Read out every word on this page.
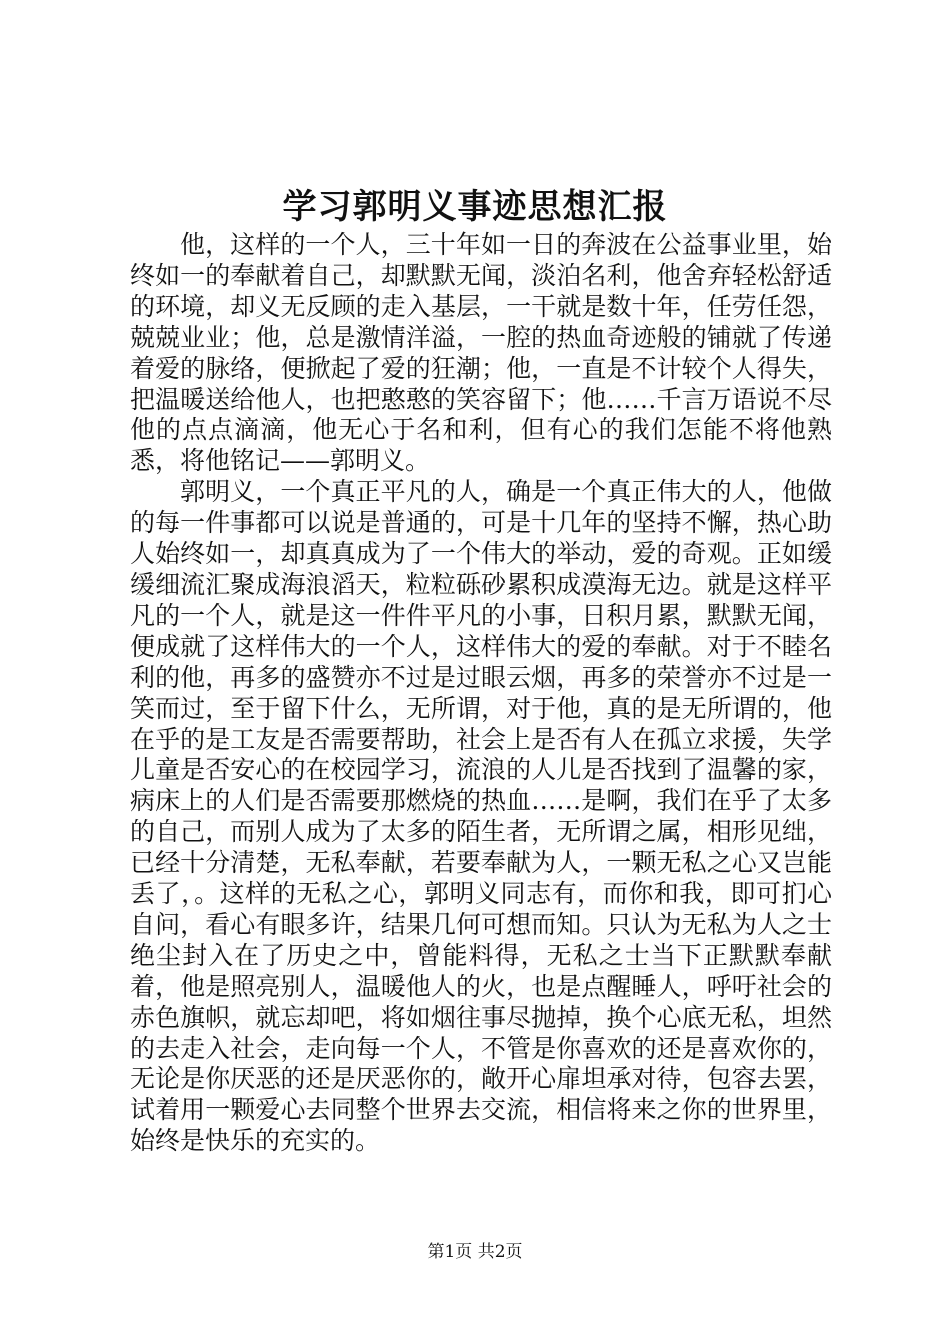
学习郭明义事迹思想汇报

他，这样的一个人，三十年如一日的奔波在公益事业里，始终如一的奉献着自己，却默默无闻，淡泊名利，他舍弃轻松舒适的环境，却义无反顾的走入基层，一干就是数十年，任劳任怨，兢兢业业；他，总是激情洋溢，一腔的热血奇迹般的铺就了传递着爱的脉络，便掀起了爱的狂潮；他，一直是不计较个人得失，把温暖送给他人，也把憨憨的笑容留下；他……千言万语说不尽他的点点滴滴，他无心于名和利，但有心的我们怎能不将他熟悉，将他铭记——郭明义。

郭明义，一个真正平凡的人，确是一个真正伟大的人，他做的每一件事都可以说是普通的，可是十几年的坚持不懈，热心助人始终如一，却真真成为了一个伟大的举动，爱的奇观。正如缓缓细流汇聚成海浪滔天，粒粒砾砂累积成漠海无边。就是这样平凡的一个人，就是这一件件平凡的小事，日积月累，默默无闻，便成就了这样伟大的一个人，这样伟大的爱的奉献。对于不睦名利的他，再多的盛赞亦不过是过眼云烟，再多的荣誉亦不过是一笑而过，至于留下什么，无所谓，对于他，真的是无所谓的，他在乎的是工友是否需要帮助，社会上是否有人在孤立求援，失学儿童是否安心的在校园学习，流浪的人儿是否找到了温馨的家，病床上的人们是否需要那燃烧的热血……是啊，我们在乎了太多的自己，而别人成为了太多的陌生者，无所谓之属，相形见绌，已经十分清楚，无私奉献，若要奉献为人，一颗无私之心又岂能丢了，。这样的无私之心，郭明义同志有，而你和我，即可扪心自问，看心有眼多许，结果几何可想而知。只认为无私为人之士绝尘封入在了历史之中，曾能料得，无私之士当下正默默奉献着，他是照亮别人，温暖他人的火，也是点醒睡人，呼吁社会的赤色旗帜，就忘却吧，将如烟往事尽抛掉，换个心底无私，坦然的去走入社会，走向每一个人，不管是你喜欢的还是喜欢你的，无论是你厌恶的还是厌恶你的，敞开心扉坦承对待，包容去罢，试着用一颗爱心去同整个世界去交流，相信将来之你的世界里，始终是快乐的充实的。

第1页 共2页
